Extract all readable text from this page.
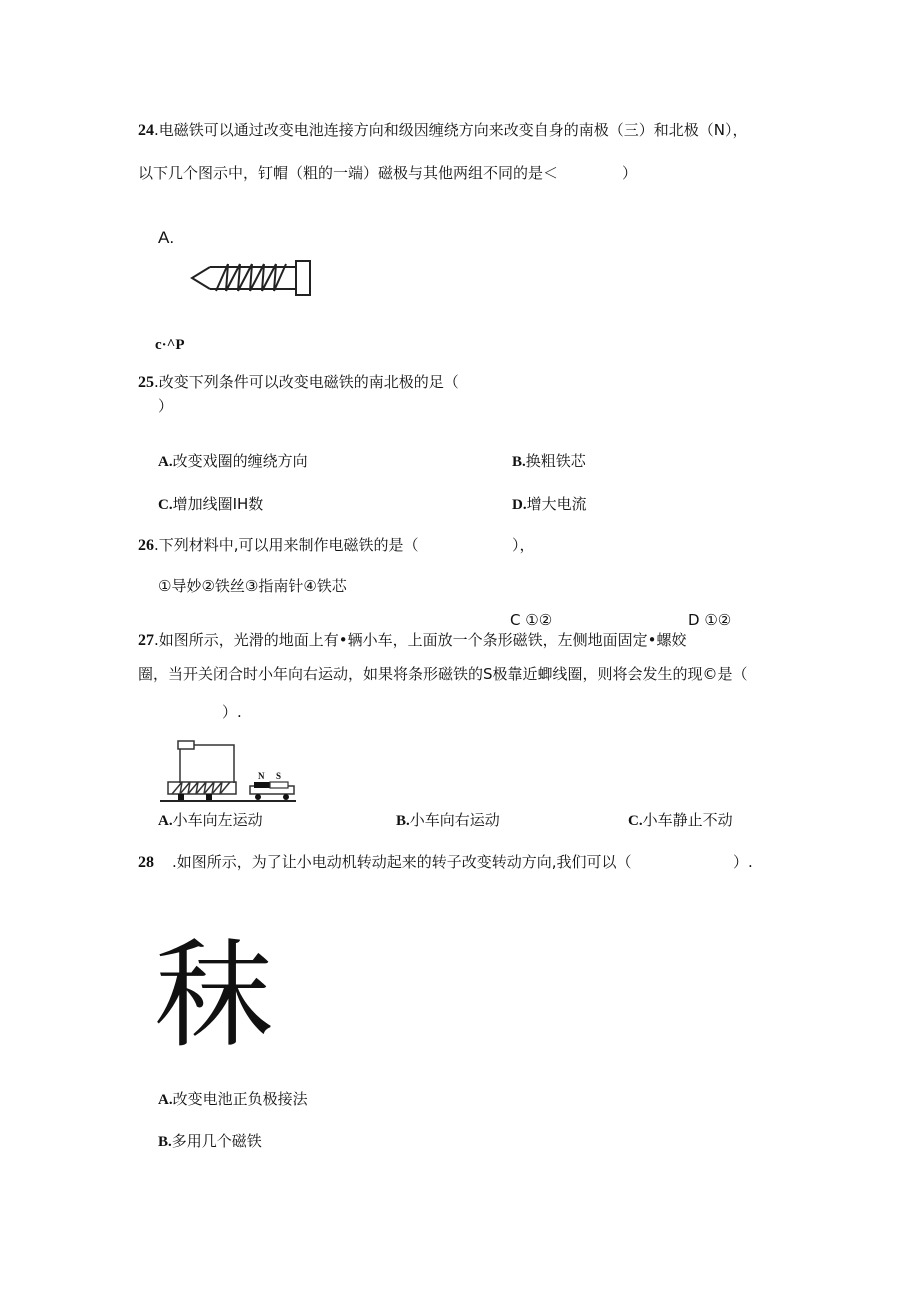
24.电磁铁可以通过改变电池连接方向和级因缠绕方向来改变自身的南极（三）和北极（N），
以下几个图示中，钉帽（粗的一端）磁极与其他两组不同的是＜	）
A.
c·^P
25.改变下列条件可以改变电磁铁的南北极的足（
）
A.改变戏圈的缠绕方向	B.换粗铁芯
C.增加线圈IH数	D.增大电流
26.下列材料中,可以用来制作电磁铁的是（	），
①导妙②铁丝③指南针④铁芯
C ①②	D ①②
27.如图所示，光滑的地面上有•辆小车，上面放一个条形磁铁，左侧地面固定•螺姣
圈，当开关闭合时小年向右运动，如果将条形磁铁的S极靠近蝍线圈，则将会发生的现©是（
）.
N S
A.小车向左运动	B.小车向右运动	C.小车静止不动
28 .如图所示，为了让小电动机转动起来的转子改变转动方向,我们可以（	）.
秣
A.改变电池正负极接法
B.多用几个磁铁
